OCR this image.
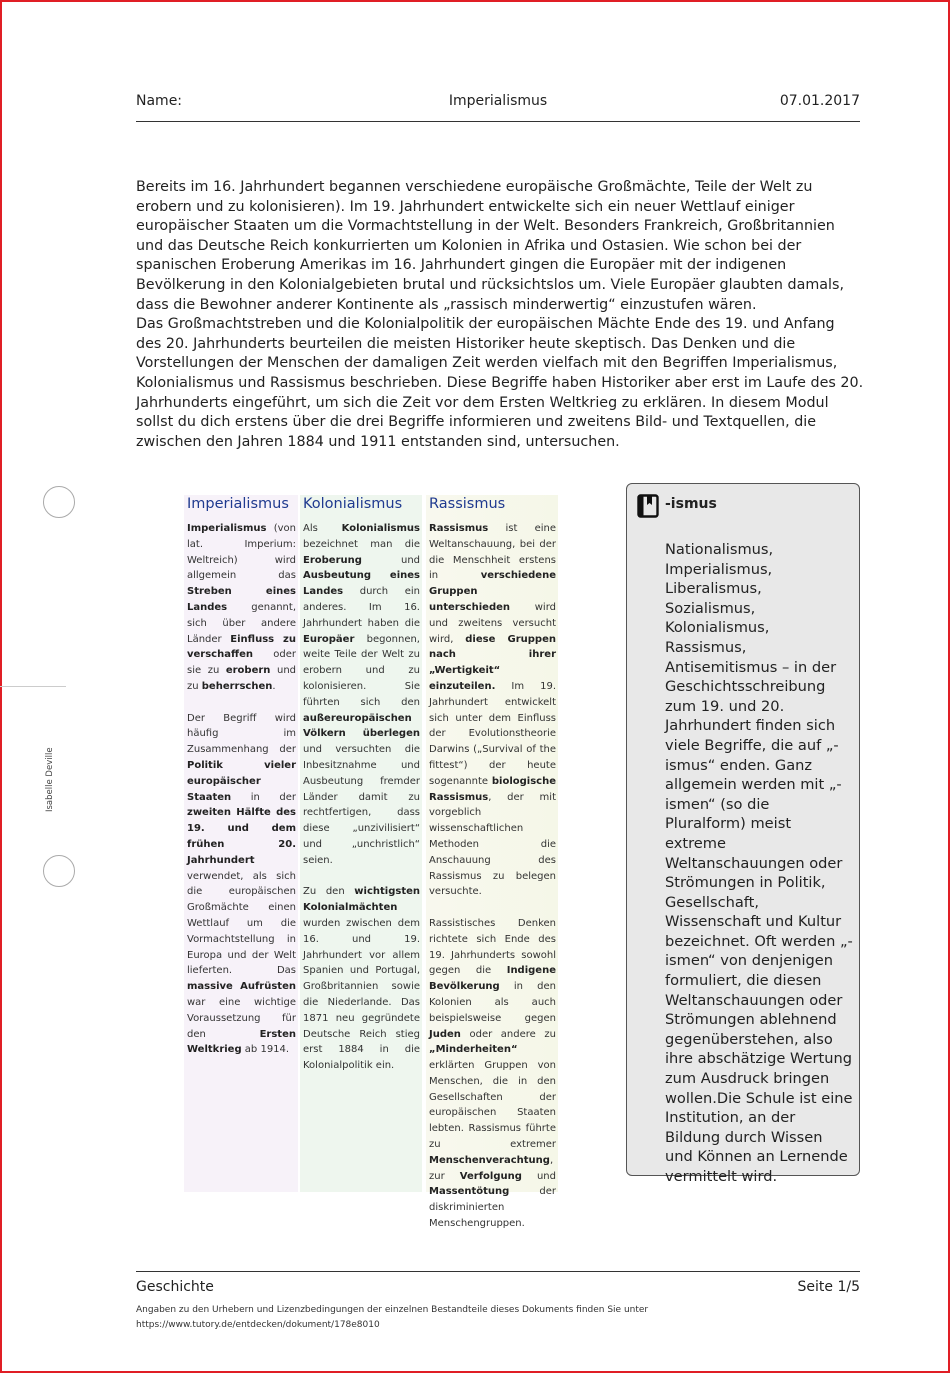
Name:	Imperialismus	07.01.2017

Bereits im 16. Jahrhundert begannen verschiedene europäische Großmächte, Teile der Welt zu erobern und zu kolonisieren). Im 19. Jahrhundert entwickelte sich ein neuer Wettlauf einiger europäischer Staaten um die Vormachtstellung in der Welt. Besonders Frankreich, Großbritannien und das Deutsche Reich konkurrierten um Kolonien in Afrika und Ostasien. Wie schon bei der spanischen Eroberung Amerikas im 16. Jahrhundert gingen die Europäer mit der indigenen Bevölkerung in den Kolonialgebieten brutal und rücksichtslos um. Viele Europäer glaubten damals, dass die Bewohner anderer Kontinente als „rassisch minderwertig“ einzustufen wären.

Das Großmachtstreben und die Kolonialpolitik der europäischen Mächte Ende des 19. und Anfang des 20. Jahrhunderts beurteilen die meisten Historiker heute skeptisch. Das Denken und die Vorstellungen der Menschen der damaligen Zeit werden vielfach mit den Begriffen Imperialismus, Kolonialismus und Rassismus beschrieben. Diese Begriffe haben Historiker aber erst im Laufe des 20. Jahrhunderts eingeführt, um sich die Zeit vor dem Ersten Weltkrieg zu erklären. In diesem Modul sollst du dich erstens über die drei Begriffe informieren und zweitens Bild- und Textquellen, die zwischen den Jahren 1884 und 1911 entstanden sind, untersuchen.

Isabelle Deville
Imperialismus

Imperialismus (von lat. Imperium: Weltreich) wird allgemein das Streben eines Landes genannt, sich über andere Länder Einfluss zu verschaffen oder sie zu erobern und zu beherrschen.

Der Begriff wird häufig im Zusammenhang der Politik vieler europäischer Staaten in der zweiten Hälfte des 19. und dem frühen 20. Jahrhundert verwendet, als sich die europäischen Großmächte einen Wettlauf um die Vormachtstellung in Europa und der Welt lieferten. Das massive Aufrüsten war eine wichtige Voraussetzung für den Ersten Weltkrieg ab 1914.

Kolonialismus

Als Kolonialismus bezeichnet man die Eroberung und Ausbeutung eines Landes durch ein anderes. Im 16. Jahrhundert haben die Europäer begonnen, weite Teile der Welt zu erobern und zu kolonisieren. Sie führten sich den außereuropäischen Völkern überlegen und versuchten die Inbesitznahme und Ausbeutung fremder Länder damit zu rechtfertigen, dass diese „unzivilisiert“ und „unchristlich“ seien.

Zu den wichtigsten Kolonialmächten wurden zwischen dem 16. und 19. Jahrhundert vor allem Spanien und Portugal, Großbritannien sowie die Niederlande. Das 1871 neu gegründete Deutsche Reich stieg erst 1884 in die Kolonialpolitik ein.

Rassismus

Rassismus ist eine Weltanschauung, bei der die Menschheit erstens in verschiedene Gruppen unterschieden wird und zweitens versucht wird, diese Gruppen nach ihrer „Wertigkeit“ einzuteilen. Im 19. Jahrhundert entwickelt sich unter dem Einfluss der Evolutionstheorie Darwins („Survival of the fittest“) der heute sogenannte biologische Rassismus, der mit vorgeblich wissenschaftlichen Methoden die Anschauung des Rassismus zu belegen versuchte.

Rassistisches Denken richtete sich Ende des 19. Jahrhunderts sowohl gegen die Indigene Bevölkerung in den Kolonien als auch beispielsweise gegen Juden oder andere zu „Minderheiten“ erklärten Gruppen von Menschen, die in den Gesellschaften der europäischen Staaten lebten. Rassismus führte zu extremer Menschenverachtung, zur Verfolgung und Massentötung der diskriminierten Menschengruppen.

-ismus
Nationalismus, Imperialismus, Liberalismus, Sozialismus, Kolonialismus, Rassismus, Antisemitismus – in der Geschichtsschreibung zum 19. und 20. Jahrhundert finden sich viele Begriffe, die auf „-ismus“ enden. Ganz allgemein werden mit „-ismen“ (so die Pluralform) meist extreme Weltanschauungen oder Strömungen in Politik, Gesellschaft, Wissenschaft und Kultur bezeichnet. Oft werden „-ismen“ von denjenigen formuliert, die diesen Weltanschauungen oder Strömungen ablehnend gegenüberstehen, also ihre abschätzige Wertung zum Ausdruck bringen wollen.Die Schule ist eine Institution, an der Bildung durch Wissen und Können an Lernende vermittelt wird.
Geschichte	Seite 1/5
Angaben zu den Urhebern und Lizenzbedingungen der einzelnen Bestandteile dieses Dokuments finden Sie unter
https://www.tutory.de/entdecken/dokument/178e8010
